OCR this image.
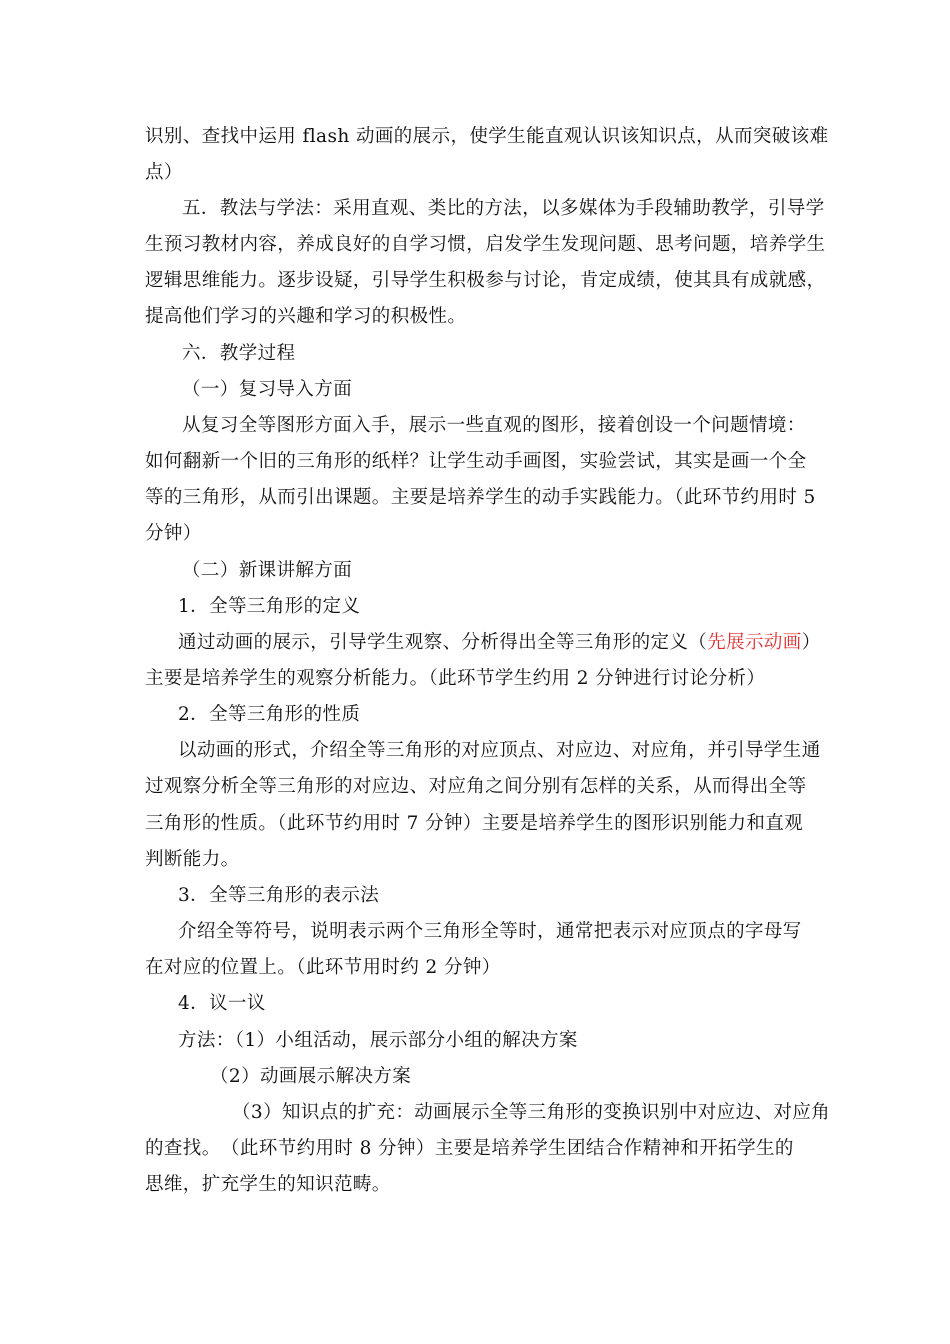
识别、查找中运用 flash 动画的展示，使学生能直观认识该知识点，从而突破该难
点）
五．教法与学法：采用直观、类比的方法，以多媒体为手段辅助教学，引导学
生预习教材内容，养成良好的自学习惯，启发学生发现问题、思考问题，培养学生
逻辑思维能力。逐步设疑，引导学生积极参与讨论，肯定成绩，使其具有成就感，
提高他们学习的兴趣和学习的积极性。
六．教学过程
（一）复习导入方面
从复习全等图形方面入手，展示一些直观的图形，接着创设一个问题情境：
如何翻新一个旧的三角形的纸样？让学生动手画图，实验尝试，其实是画一个全
等的三角形，从而引出课题。主要是培养学生的动手实践能力。（此环节约用时 5
分钟）
（二）新课讲解方面
1．全等三角形的定义
通过动画的展示，引导学生观察、分析得出全等三角形的定义（先展示动画）
主要是培养学生的观察分析能力。（此环节学生约用 2 分钟进行讨论分析）
2．全等三角形的性质
以动画的形式，介绍全等三角形的对应顶点、对应边、对应角，并引导学生通
过观察分析全等三角形的对应边、对应角之间分别有怎样的关系，从而得出全等
三角形的性质。（此环节约用时 7 分钟）主要是培养学生的图形识别能力和直观
判断能力。
3．全等三角形的表示法
介绍全等符号，说明表示两个三角形全等时，通常把表示对应顶点的字母写
在对应的位置上。（此环节用时约 2 分钟）
4．议一议
方法：（1）小组活动，展示部分小组的解决方案
（2）动画展示解决方案
（3）知识点的扩充：动画展示全等三角形的变换识别中对应边、对应角
的查找。　（此环节约用时 8 分钟）主要是培养学生团结合作精神和开拓学生的
思维，扩充学生的知识范畴。
